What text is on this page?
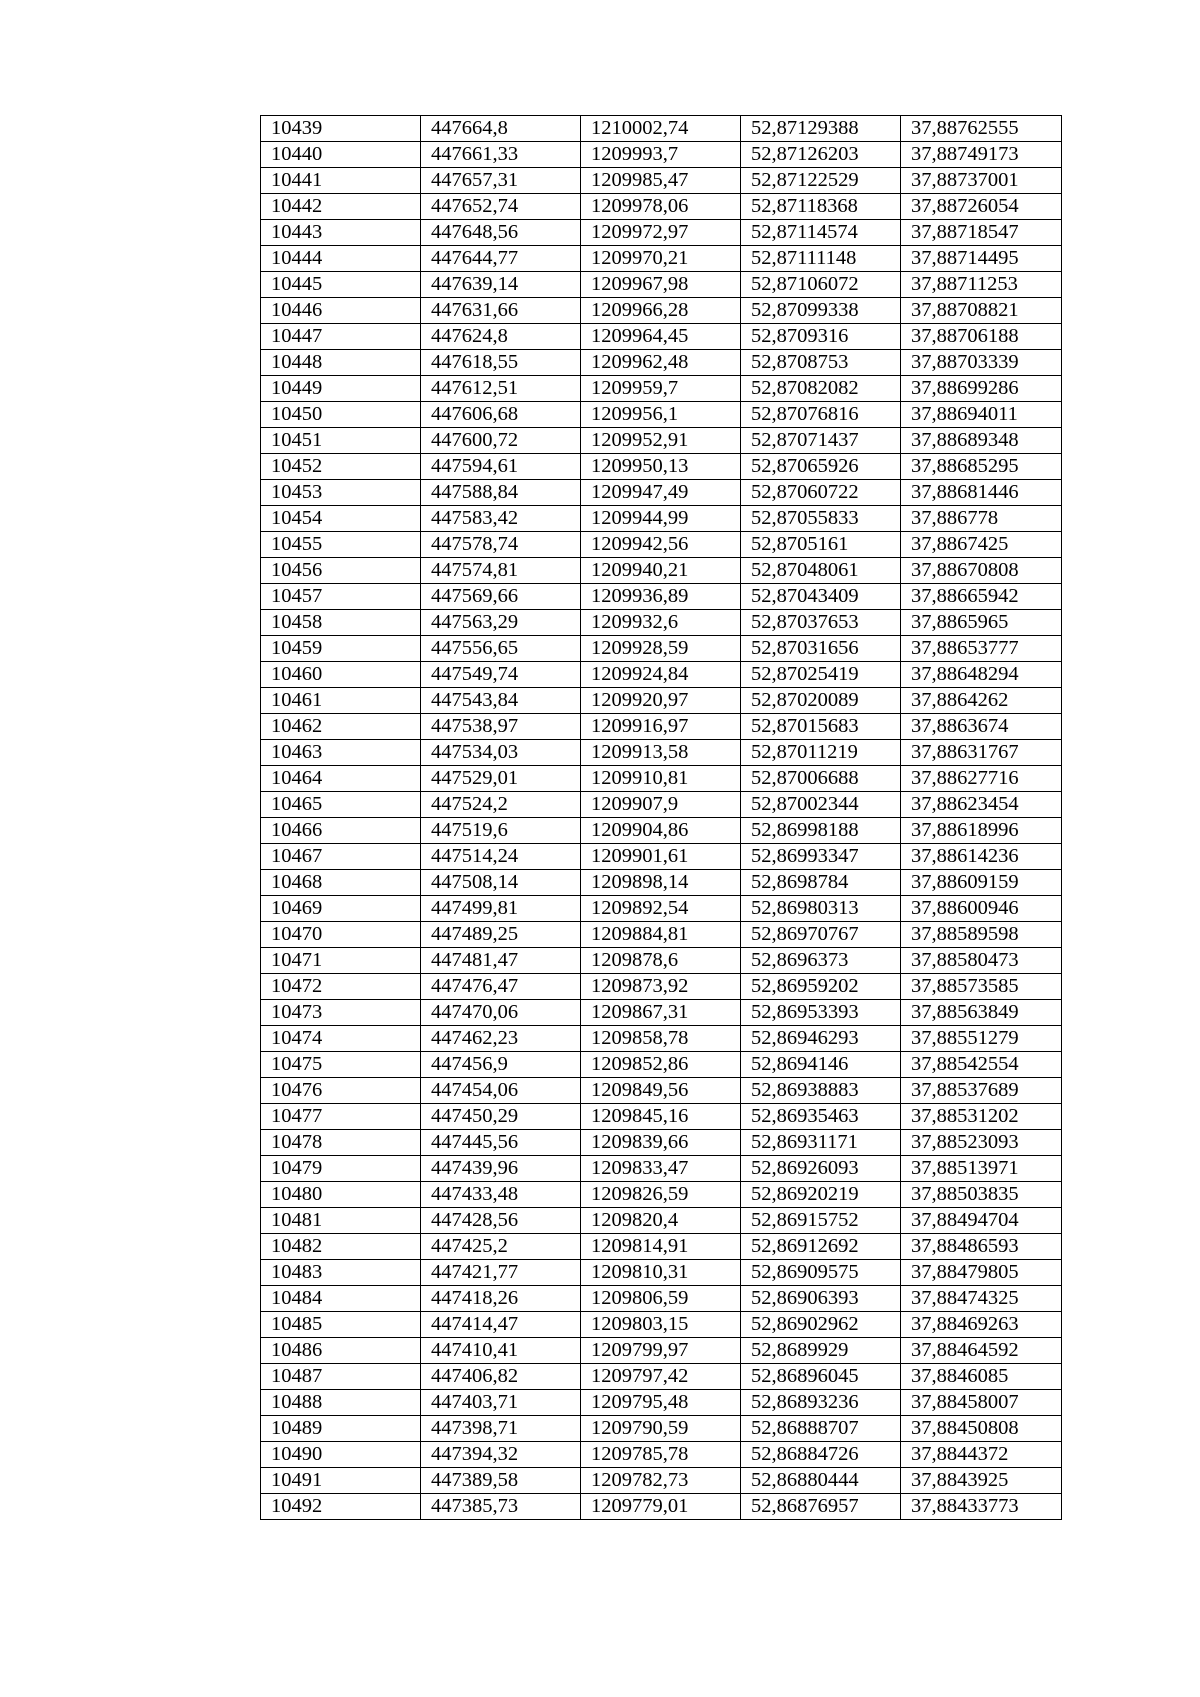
10439	447664,8	1210002,74	52,87129388	37,88762555
10440	447661,33	1209993,7	52,87126203	37,88749173
10441	447657,31	1209985,47	52,87122529	37,88737001
10442	447652,74	1209978,06	52,87118368	37,88726054
10443	447648,56	1209972,97	52,87114574	37,88718547
10444	447644,77	1209970,21	52,87111148	37,88714495
10445	447639,14	1209967,98	52,87106072	37,88711253
10446	447631,66	1209966,28	52,87099338	37,88708821
10447	447624,8	1209964,45	52,8709316	37,88706188
10448	447618,55	1209962,48	52,8708753	37,88703339
10449	447612,51	1209959,7	52,87082082	37,88699286
10450	447606,68	1209956,1	52,87076816	37,88694011
10451	447600,72	1209952,91	52,87071437	37,88689348
10452	447594,61	1209950,13	52,87065926	37,88685295
10453	447588,84	1209947,49	52,87060722	37,88681446
10454	447583,42	1209944,99	52,87055833	37,886778
10455	447578,74	1209942,56	52,8705161	37,8867425
10456	447574,81	1209940,21	52,87048061	37,88670808
10457	447569,66	1209936,89	52,87043409	37,88665942
10458	447563,29	1209932,6	52,87037653	37,8865965
10459	447556,65	1209928,59	52,87031656	37,88653777
10460	447549,74	1209924,84	52,87025419	37,88648294
10461	447543,84	1209920,97	52,87020089	37,8864262
10462	447538,97	1209916,97	52,87015683	37,8863674
10463	447534,03	1209913,58	52,87011219	37,88631767
10464	447529,01	1209910,81	52,87006688	37,88627716
10465	447524,2	1209907,9	52,87002344	37,88623454
10466	447519,6	1209904,86	52,86998188	37,88618996
10467	447514,24	1209901,61	52,86993347	37,88614236
10468	447508,14	1209898,14	52,8698784	37,88609159
10469	447499,81	1209892,54	52,86980313	37,88600946
10470	447489,25	1209884,81	52,86970767	37,88589598
10471	447481,47	1209878,6	52,8696373	37,88580473
10472	447476,47	1209873,92	52,86959202	37,88573585
10473	447470,06	1209867,31	52,86953393	37,88563849
10474	447462,23	1209858,78	52,86946293	37,88551279
10475	447456,9	1209852,86	52,8694146	37,88542554
10476	447454,06	1209849,56	52,86938883	37,88537689
10477	447450,29	1209845,16	52,86935463	37,88531202
10478	447445,56	1209839,66	52,86931171	37,88523093
10479	447439,96	1209833,47	52,86926093	37,88513971
10480	447433,48	1209826,59	52,86920219	37,88503835
10481	447428,56	1209820,4	52,86915752	37,88494704
10482	447425,2	1209814,91	52,86912692	37,88486593
10483	447421,77	1209810,31	52,86909575	37,88479805
10484	447418,26	1209806,59	52,86906393	37,88474325
10485	447414,47	1209803,15	52,86902962	37,88469263
10486	447410,41	1209799,97	52,8689929	37,88464592
10487	447406,82	1209797,42	52,86896045	37,8846085
10488	447403,71	1209795,48	52,86893236	37,88458007
10489	447398,71	1209790,59	52,86888707	37,88450808
10490	447394,32	1209785,78	52,86884726	37,8844372
10491	447389,58	1209782,73	52,86880444	37,8843925
10492	447385,73	1209779,01	52,86876957	37,88433773
